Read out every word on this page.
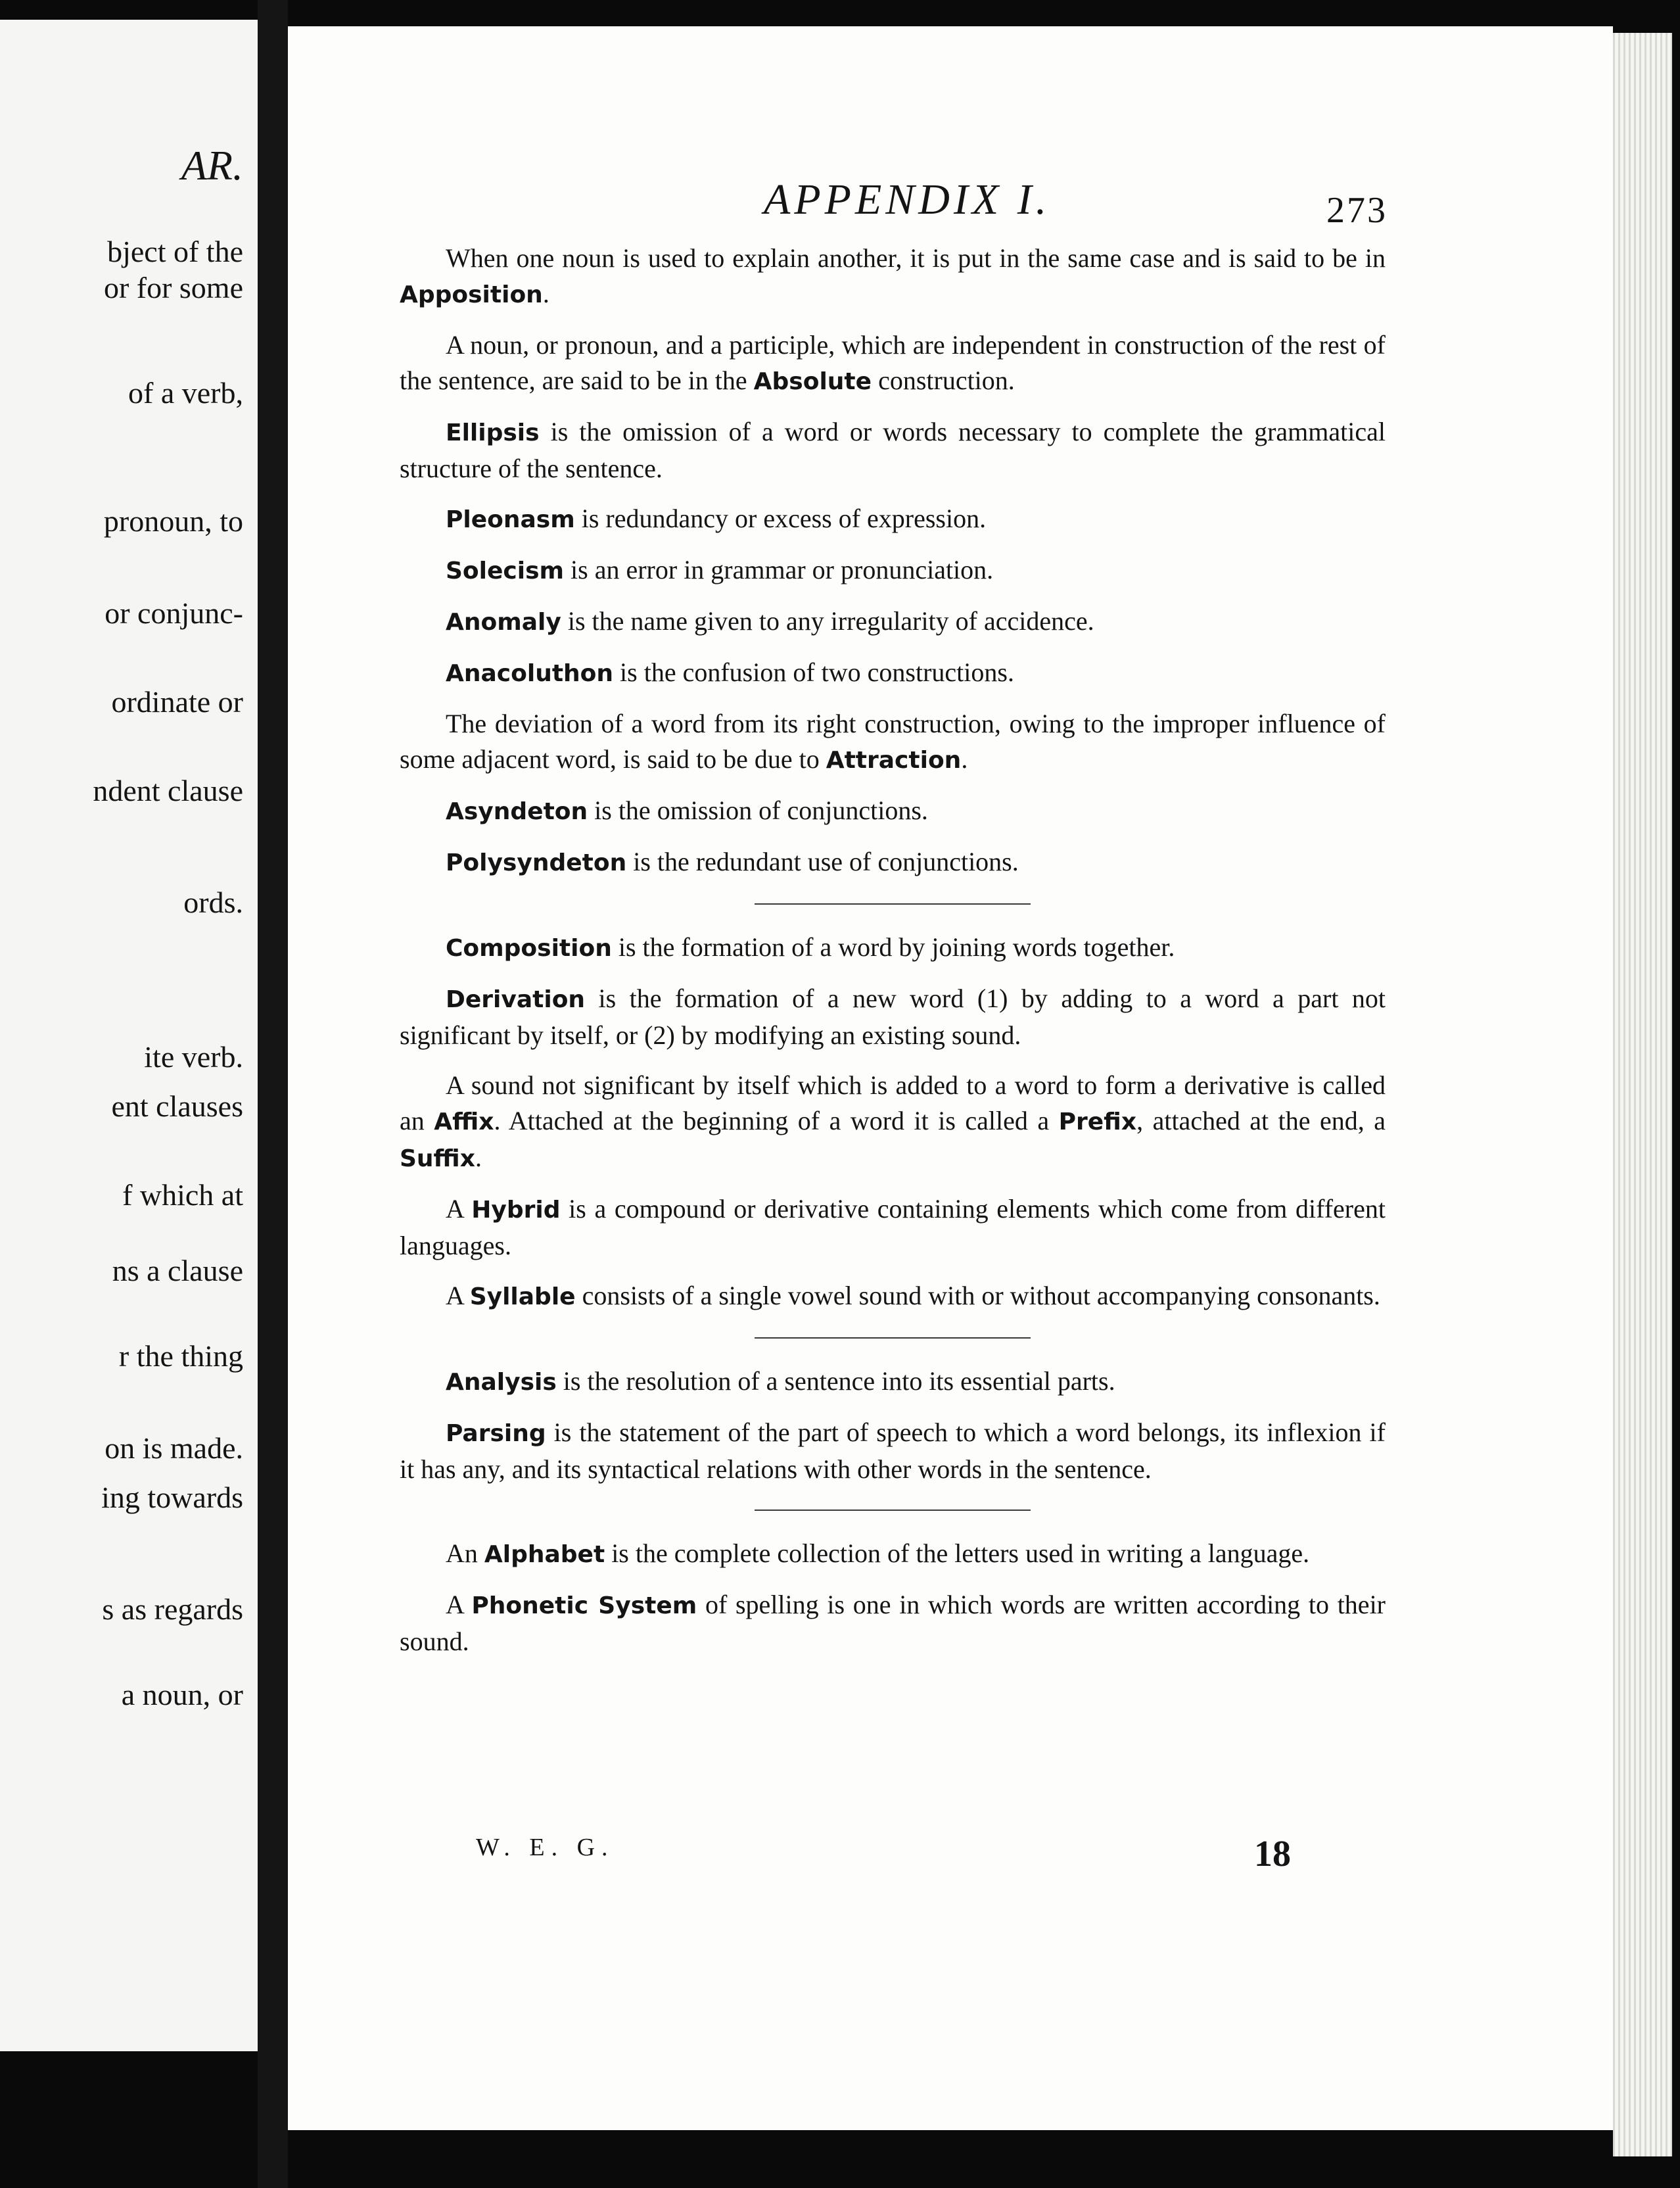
AR.

bject of the

or for some

of a verb,

pronoun, to

or conjunc-

ordinate or

ndent clause

ords.

ite verb.

ent clauses

f which at

ns a clause

r the thing

on is made.

ing towards

s as regards

a noun, or

APPENDIX I.	273

When one noun is used to explain another, it is put in the same case and is said to be in Apposition.

A noun, or pronoun, and a participle, which are independent in construction of the rest of the sentence, are said to be in the Absolute construction.

Ellipsis is the omission of a word or words necessary to complete the grammatical structure of the sentence.

Pleonasm is redundancy or excess of expression.

Solecism is an error in grammar or pronunciation.

Anomaly is the name given to any irregularity of accidence.

Anacoluthon is the confusion of two constructions.

The deviation of a word from its right construction, owing to the improper influence of some adjacent word, is said to be due to Attraction.

Asyndeton is the omission of conjunctions.

Polysyndeton is the redundant use of conjunctions.

Composition is the formation of a word by joining words together.

Derivation is the formation of a new word (1) by adding to a word a part not significant by itself, or (2) by modifying an existing sound.

A sound not significant by itself which is added to a word to form a derivative is called an Affix. Attached at the beginning of a word it is called a Prefix, attached at the end, a Suffix.

A Hybrid is a compound or derivative containing elements which come from different languages.

A Syllable consists of a single vowel sound with or without accompanying consonants.

Analysis is the resolution of a sentence into its essential parts.

Parsing is the statement of the part of speech to which a word belongs, its inflexion if it has any, and its syntactical relations with other words in the sentence.

An Alphabet is the complete collection of the letters used in writing a language.

A Phonetic System of spelling is one in which words are written according to their sound.

W. E. G.	18
